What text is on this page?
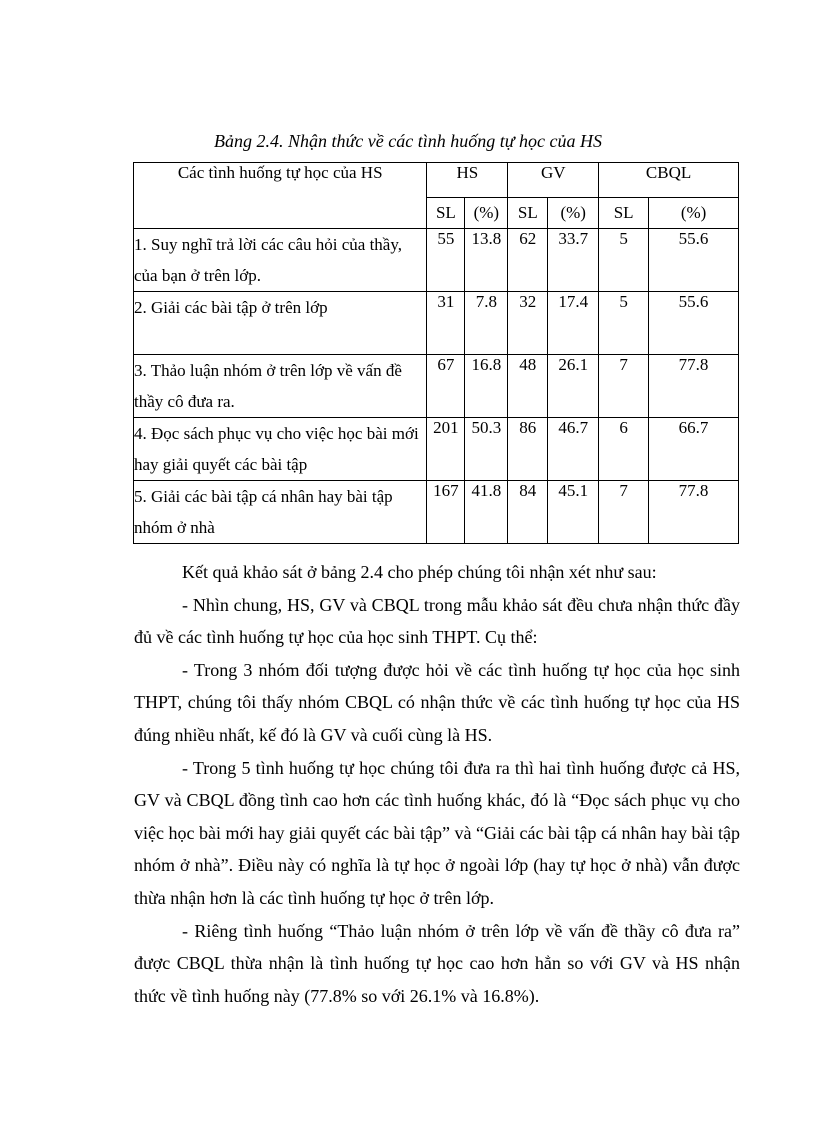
Bảng 2.4. Nhận thức về các tình huống tự học của HS
Các tình huống tự học của HS	HS		GV		CBQL	
	SL	(%)	SL	(%)	SL	(%)
1. Suy nghĩ trả lời các câu hỏi của thầy, của bạn ở trên lớp.	55	13.8	62	33.7	5	55.6
2. Giải các bài tập ở trên lớp	31	7.8	32	17.4	5	55.6
3. Thảo luận nhóm ở trên lớp về vấn đề thầy cô đưa ra.	67	16.8	48	26.1	7	77.8
4. Đọc sách phục vụ cho việc học bài mới hay giải quyết các bài tập	201	50.3	86	46.7	6	66.7
5. Giải các bài tập cá nhân hay bài tập nhóm ở nhà	167	41.8	84	45.1	7	77.8

Kết quả khảo sát ở bảng 2.4 cho phép chúng tôi nhận xét như sau:

- Nhìn chung, HS, GV và CBQL trong mẫu khảo sát đều chưa nhận thức đầy đủ về các tình huống tự học của học sinh THPT. Cụ thể:

- Trong 3 nhóm đối tượng được hỏi về các tình huống tự học của học sinh THPT, chúng tôi thấy nhóm CBQL có nhận thức về các tình huống tự học của HS đúng nhiều nhất, kế đó là GV và cuối cùng là HS.

- Trong 5 tình huống tự học chúng tôi đưa ra thì hai tình huống được cả HS, GV và CBQL đồng tình cao hơn các tình huống khác, đó là “Đọc sách phục vụ cho việc học bài mới hay giải quyết các bài tập” và “Giải các bài tập cá nhân hay bài tập nhóm ở nhà”. Điều này có nghĩa là tự học ở ngoài lớp (hay tự học ở nhà) vẫn được thừa nhận hơn là các tình huống tự học ở trên lớp.

- Riêng tình huống “Thảo luận nhóm ở trên lớp về vấn đề thầy cô đưa ra” được CBQL thừa nhận là tình huống tự học cao hơn hẳn so với GV và HS nhận thức về tình huống này (77.8% so với 26.1% và 16.8%).
